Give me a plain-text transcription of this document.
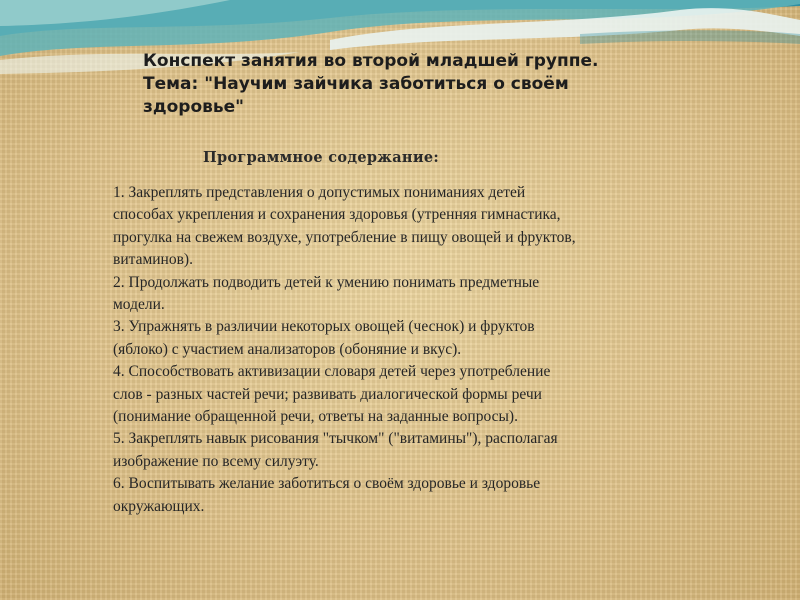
Конспект занятия во второй младшей группе.
Тема: "Научим зайчика заботиться о своём
здоровье"
Программное содержание:
1. Закреплять представления о допустимых пониманиях детей
способах укрепления и сохранения здоровья (утренняя гимнастика,
прогулка на свежем воздухе, употребление в пищу овощей и фруктов,
витаминов).
2. Продолжать подводить детей к умению понимать предметные
модели.
3. Упражнять в различии некоторых овощей (чеснок) и фруктов
(яблоко) с участием анализаторов (обоняние и вкус).
4. Способствовать активизации словаря детей через употребление
слов - разных частей речи; развивать диалогической формы речи
(понимание обращенной речи, ответы на заданные вопросы).
5. Закреплять навык рисования "тычком" ("витамины"), располагая
изображение по всему силуэту.
6. Воспитывать желание заботиться о своём здоровье и здоровье
окружающих.
